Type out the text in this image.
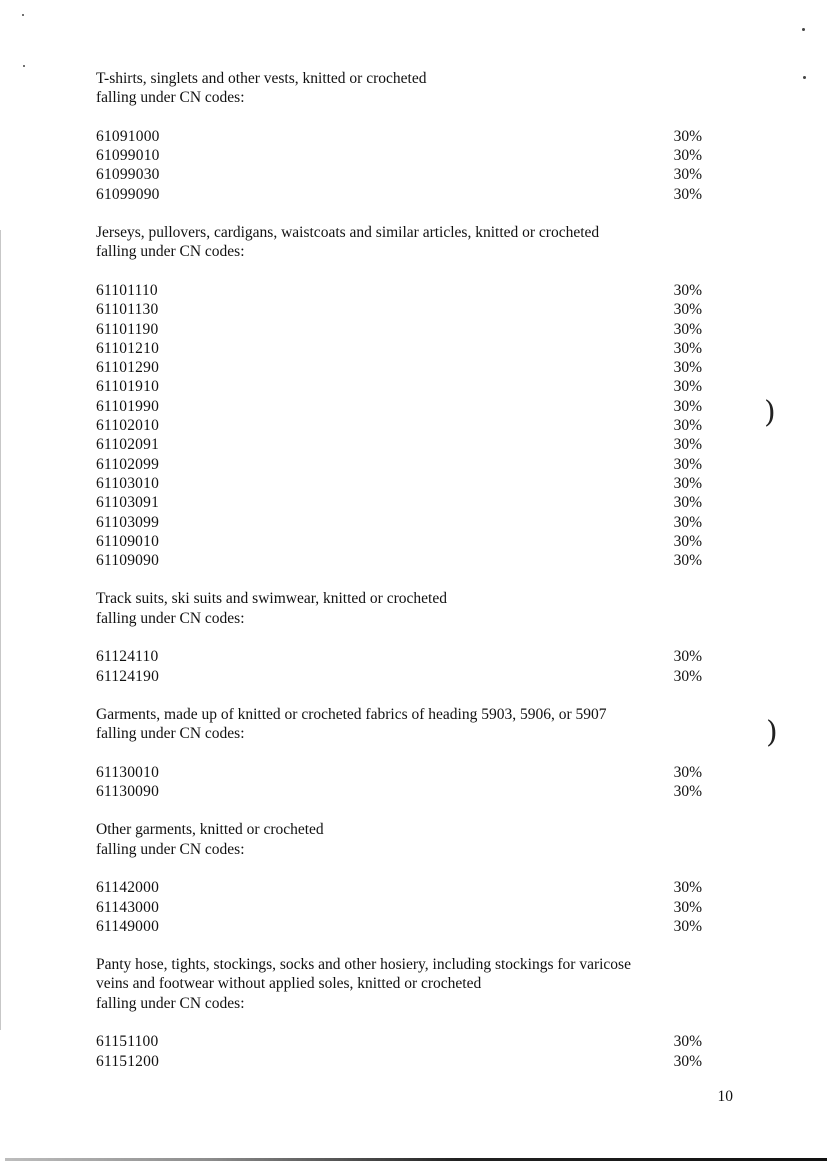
)
)
T-shirts, singlets and other vests, knitted or crocheted
falling under CN codes:
61091000	30%
61099010	30%
61099030	30%
61099090	30%
Jerseys, pullovers, cardigans, waistcoats and similar articles, knitted or crocheted
falling under CN codes:
61101110	30%
61101130	30%
61101190	30%
61101210	30%
61101290	30%
61101910	30%
61101990	30%
61102010	30%
61102091	30%
61102099	30%
61103010	30%
61103091	30%
61103099	30%
61109010	30%
61109090	30%
Track suits, ski suits and swimwear, knitted or crocheted
falling under CN codes:
61124110	30%
61124190	30%
Garments, made up of knitted or crocheted fabrics of heading 5903, 5906, or 5907
falling under CN codes:
61130010	30%
61130090	30%
Other garments, knitted or crocheted
falling under CN codes:
61142000	30%
61143000	30%
61149000	30%
Panty hose, tights, stockings, socks and other hosiery, including stockings for varicose
veins and footwear without applied soles, knitted or crocheted
falling under CN codes:
61151100	30%
61151200	30%
10
